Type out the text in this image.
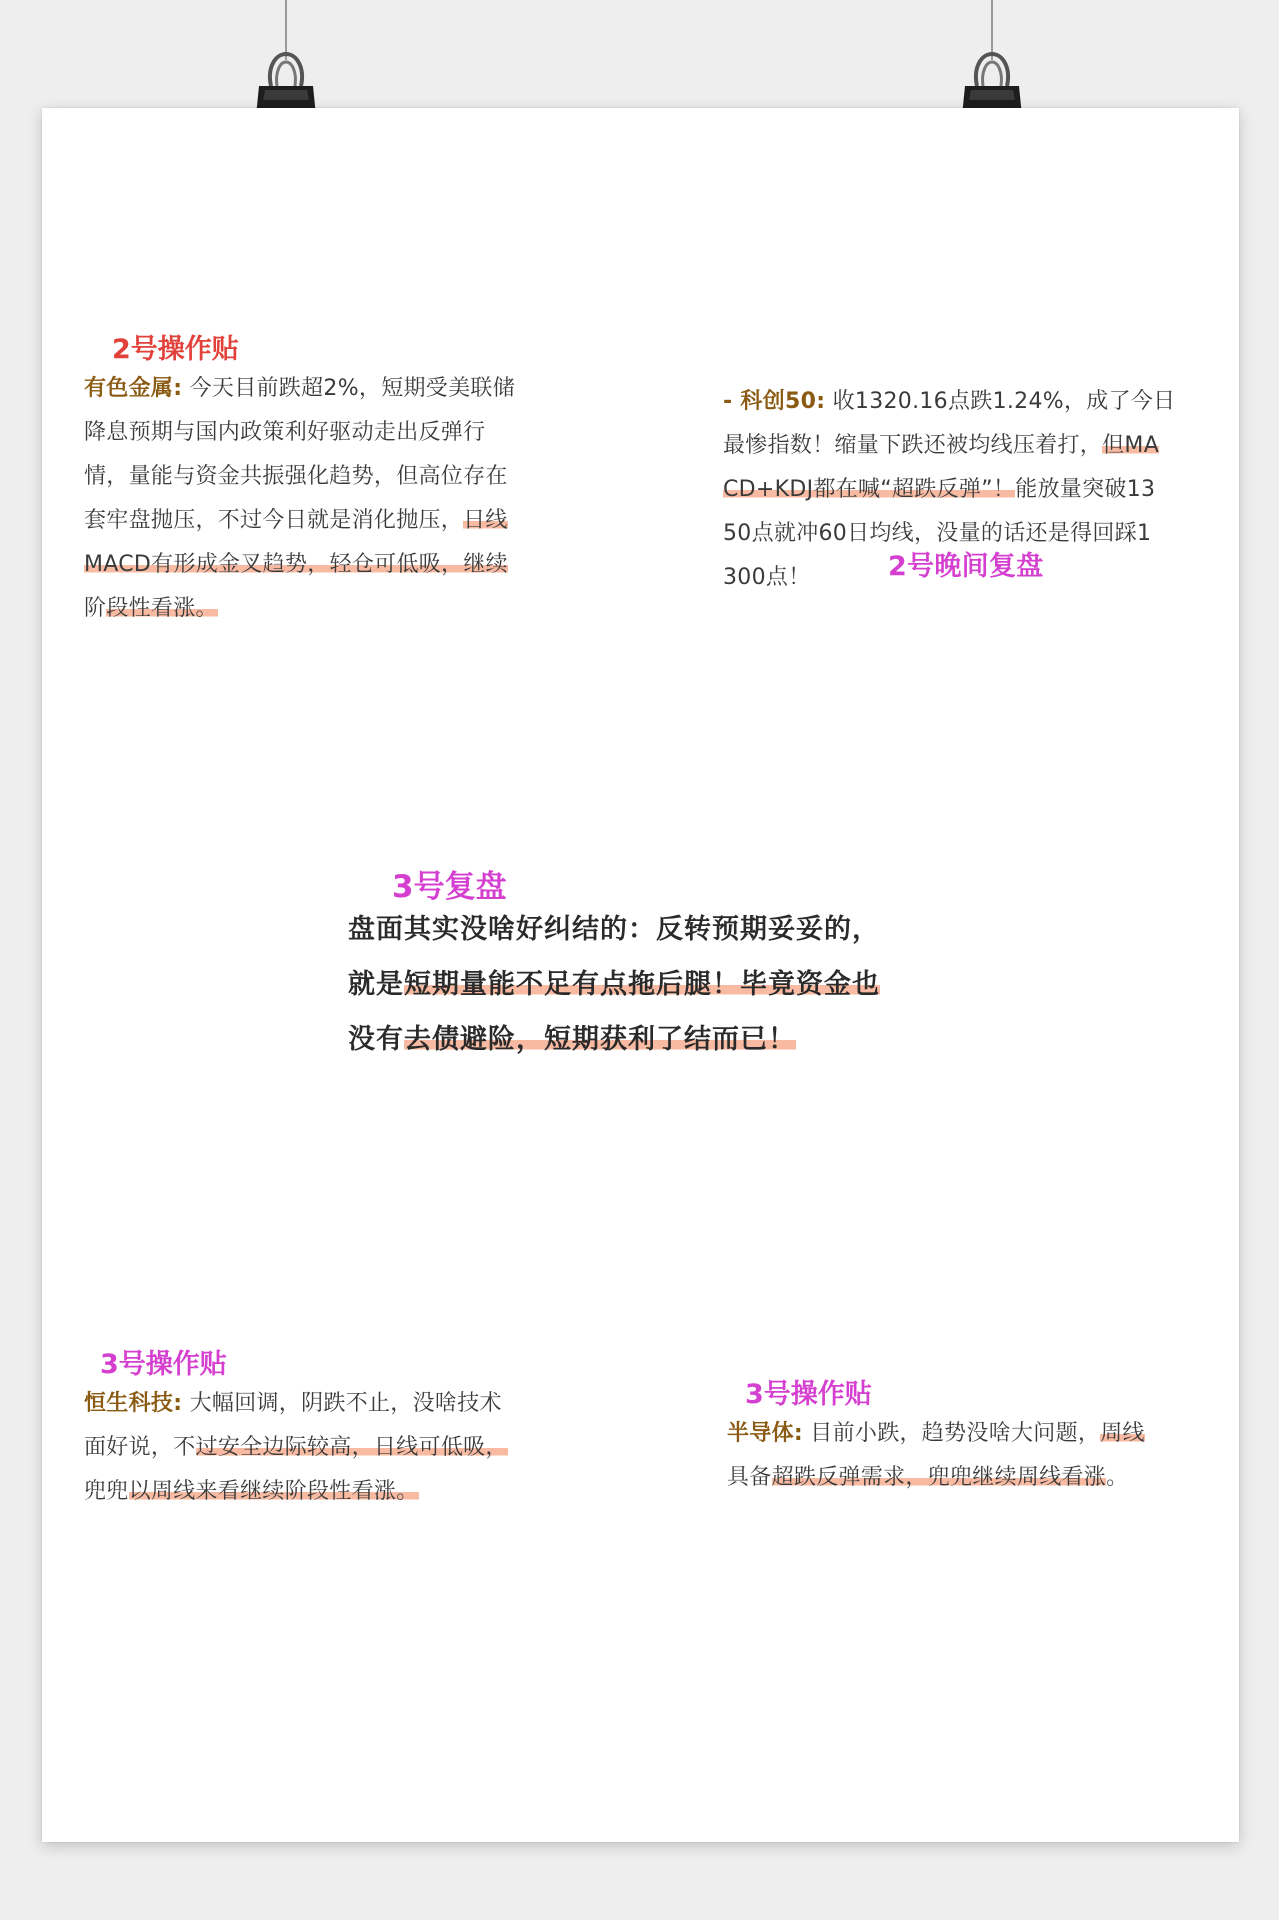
2号操作贴
有色金属: 今天目前跌超2%，短期受美联储
降息预期与国内政策利好驱动走出反弹行
情，量能与资金共振强化趋势，但高位存在
套牢盘抛压，不过今日就是消化抛压，日线
MACD有形成金叉趋势，轻仓可低吸，继续
阶段性看涨。
- 科创50: 收1320.16点跌1.24%，成了今日
最惨指数！缩量下跌还被均线压着打，但MA
CD+KDJ都在喊“超跌反弹”！能放量突破13
50点就冲60日均线，没量的话还是得回踩1
300点！	2号晚间复盘
3号复盘
盘面其实没啥好纠结的：反转预期妥妥的，
就是短期量能不足有点拖后腿！毕竟资金也
没有去债避险，短期获利了结而已！
3号操作贴
恒生科技: 大幅回调，阴跌不止，没啥技术
面好说，不过安全边际较高，日线可低吸，
兜兜以周线来看继续阶段性看涨。
3号操作贴
半导体: 目前小跌，趋势没啥大问题，周线
具备超跌反弹需求，兜兜继续周线看涨。
